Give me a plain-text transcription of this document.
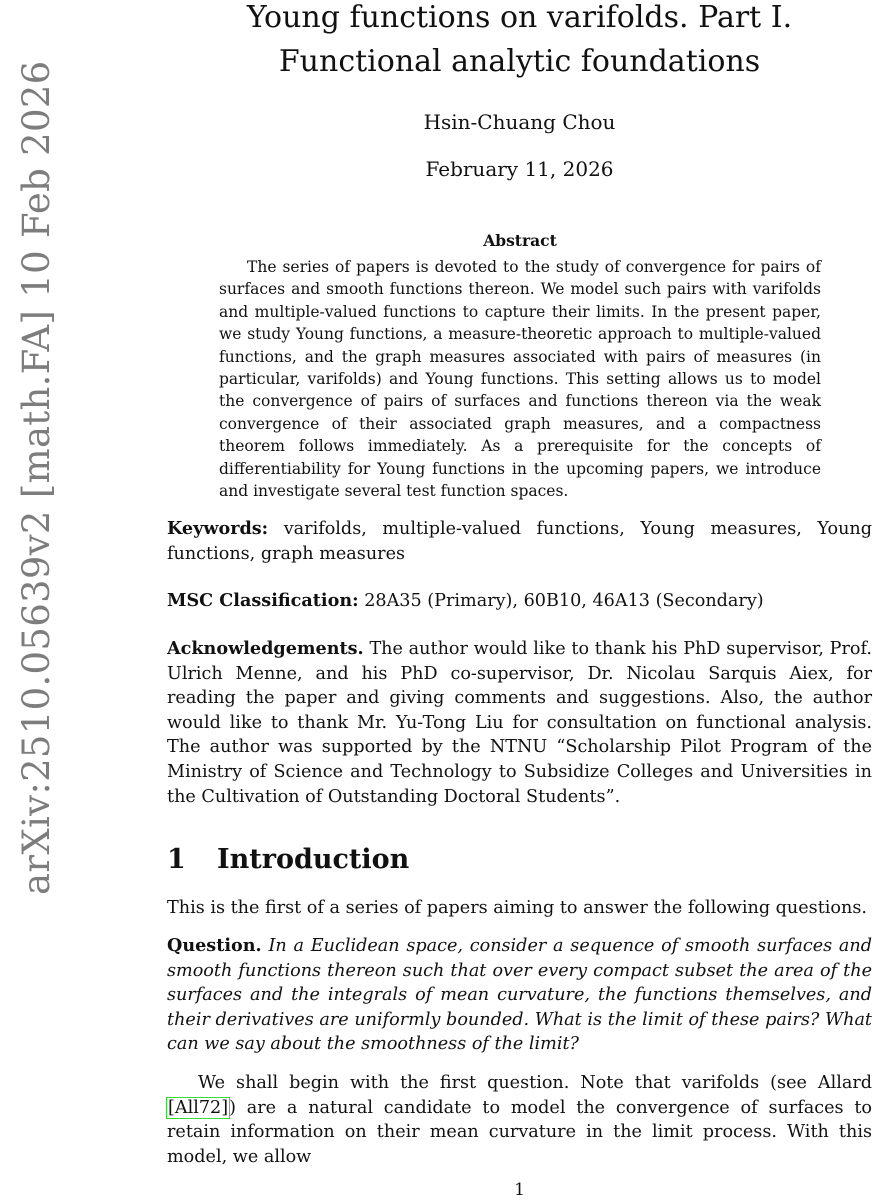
arXiv:2510.05639v2 [math.FA] 10 Feb 2026
Young functions on varifolds. Part I. Functional analytic foundations
Hsin-Chuang Chou
February 11, 2026
Abstract

The series of papers is devoted to the study of convergence for pairs of surfaces and smooth functions thereon. We model such pairs with varifolds and multiple-valued functions to capture their limits. In the present paper, we study Young functions, a measure-theoretic approach to multiple-valued functions, and the graph measures associated with pairs of measures (in particular, varifolds) and Young functions. This setting allows us to model the convergence of pairs of surfaces and functions thereon via the weak convergence of their associated graph measures, and a compactness theorem follows immediately. As a prerequisite for the concepts of differentiability for Young functions in the upcoming papers, we introduce and investigate several test function spaces.

Keywords: varifolds, multiple-valued functions, Young measures, Young functions, graph measures

MSC Classification: 28A35 (Primary), 60B10, 46A13 (Secondary)

Acknowledgements. The author would like to thank his PhD supervisor, Prof. Ulrich Menne, and his PhD co-supervisor, Dr. Nicolau Sarquis Aiex, for reading the paper and giving comments and suggestions. Also, the author would like to thank Mr. Yu-Tong Liu for consultation on functional analysis. The author was supported by the NTNU “Scholarship Pilot Program of the Ministry of Science and Technology to Subsidize Colleges and Universities in the Cultivation of Outstanding Doctoral Students”.

1 Introduction

This is the first of a series of papers aiming to answer the following questions.

Question. In a Euclidean space, consider a sequence of smooth surfaces and smooth functions thereon such that over every compact subset the area of the surfaces and the integrals of mean curvature, the functions themselves, and their derivatives are uniformly bounded. What is the limit of these pairs? What can we say about the smoothness of the limit?

We shall begin with the first question. Note that varifolds (see Allard [All72]) are a natural candidate to model the convergence of surfaces to retain information on their mean curvature in the limit process. With this model, we allow

1
